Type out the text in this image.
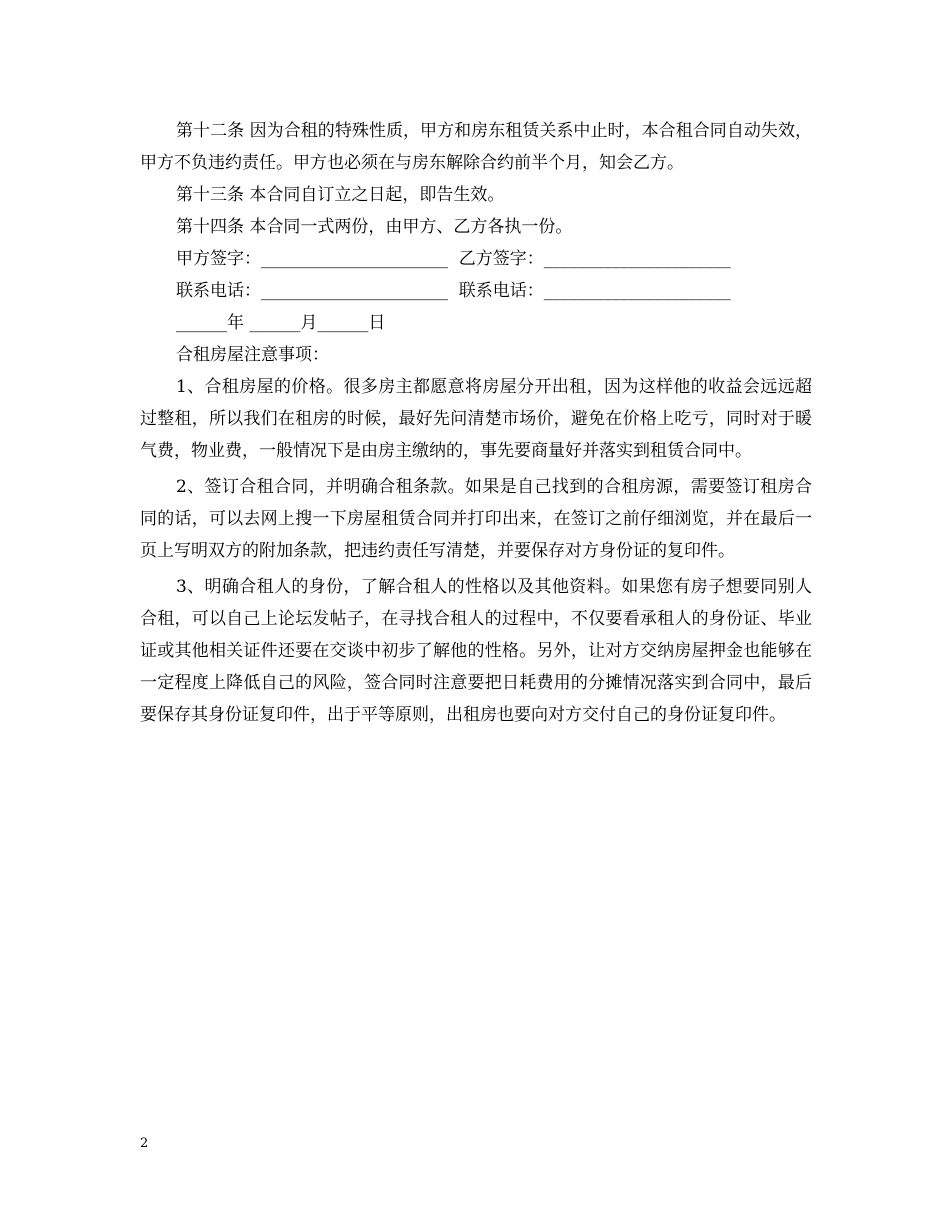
第十二条 因为合租的特殊性质，甲方和房东租赁关系中止时，本合租合同自动失效，甲方不负违约责任。甲方也必须在与房东解除合约前半个月，知会乙方。

第十三条 本合同自订立之日起，即告生效。

第十四条 本合同一式两份，由甲方、乙方各执一份。

甲方签字：______________________  乙方签字：______________________

联系电话：______________________  联系电话：______________________

______年 ______月______日

合租房屋注意事项：

1、合租房屋的价格。很多房主都愿意将房屋分开出租，因为这样他的收益会远远超过整租，所以我们在租房的时候，最好先问清楚市场价，避免在价格上吃亏，同时对于暖气费，物业费，一般情况下是由房主缴纳的，事先要商量好并落实到租赁合同中。

2、签订合租合同，并明确合租条款。如果是自己找到的合租房源，需要签订租房合同的话，可以去网上搜一下房屋租赁合同并打印出来，在签订之前仔细浏览，并在最后一页上写明双方的附加条款，把违约责任写清楚，并要保存对方身份证的复印件。

3、明确合租人的身份，了解合租人的性格以及其他资料。如果您有房子想要同别人合租，可以自己上论坛发帖子，在寻找合租人的过程中，不仅要看承租人的身份证、毕业证或其他相关证件还要在交谈中初步了解他的性格。另外，让对方交纳房屋押金也能够在一定程度上降低自己的风险，签合同时注意要把日耗费用的分摊情况落实到合同中，最后要保存其身份证复印件，出于平等原则，出租房也要向对方交付自己的身份证复印件。

2
